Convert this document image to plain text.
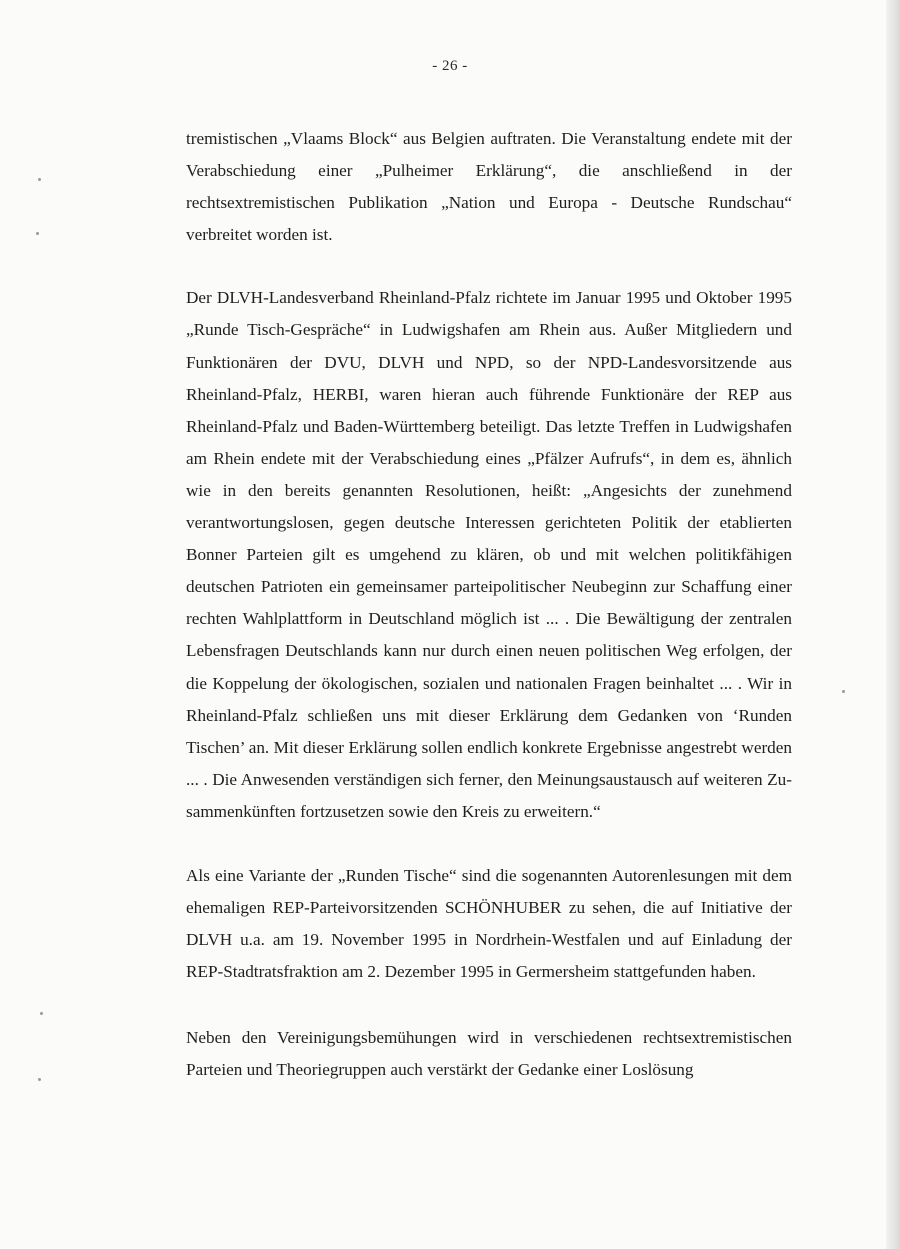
- 26 -

tremistischen „Vlaams Block“ aus Belgien auftraten. Die Veranstaltung endete mit der Verabschiedung einer „Pulheimer Erklärung“, die anschließend in der rechtsextremistischen Publikation „Nation und Europa - Deutsche Rundschau“ verbreitet worden ist.

Der DLVH-Landesverband Rheinland-Pfalz richtete im Januar 1995 und Oktober 1995 „Runde Tisch-Gespräche“ in Ludwigshafen am Rhein aus. Außer Mitgliedern und Funktionären der DVU, DLVH und NPD, so der NPD-Landesvorsitzende aus Rheinland-Pfalz, HERBI, waren hieran auch führende Funktionäre der REP aus Rheinland-Pfalz und Baden-Württemberg beteiligt. Das letzte Treffen in Ludwigshafen am Rhein endete mit der Verabschiedung eines „Pfälzer Aufrufs“, in dem es, ähnlich wie in den bereits genannten Resolutionen, heißt: „Angesichts der zunehmend verantwortungslosen, gegen deutsche Interessen gerichteten Politik der etablierten Bonner Parteien gilt es umgehend zu klären, ob und mit welchen politikfähigen deutschen Patrioten ein gemeinsamer parteipolitischer Neubeginn zur Schaffung einer rechten Wahlplattform in Deutschland möglich ist ... . Die Bewältigung der zentralen Lebensfragen Deutschlands kann nur durch einen neuen politischen Weg erfolgen, der die Koppelung der ökologischen, sozialen und nationalen Fragen beinhaltet ... . Wir in Rheinland-Pfalz schließen uns mit dieser Erklärung dem Gedanken von ‘Runden Tischen’ an. Mit dieser Erklärung sollen endlich konkrete Ergebnisse angestrebt werden ... . Die Anwesenden verständigen sich ferner, den Meinungsaustausch auf weiteren Zusammenkünften fortzusetzen sowie den Kreis zu erweitern.“

Als eine Variante der „Runden Tische“ sind die sogenannten Autorenlesungen mit dem ehemaligen REP-Parteivorsitzenden SCHÖNHUBER zu sehen, die auf Initiative der DLVH u.a. am 19. November 1995 in Nordrhein-Westfalen und auf Einladung der REP-Stadtratsfraktion am 2. Dezember 1995 in Germersheim stattgefunden haben.

Neben den Vereinigungsbemühungen wird in verschiedenen rechtsextremistischen Parteien und Theoriegruppen auch verstärkt der Gedanke einer Loslösung
